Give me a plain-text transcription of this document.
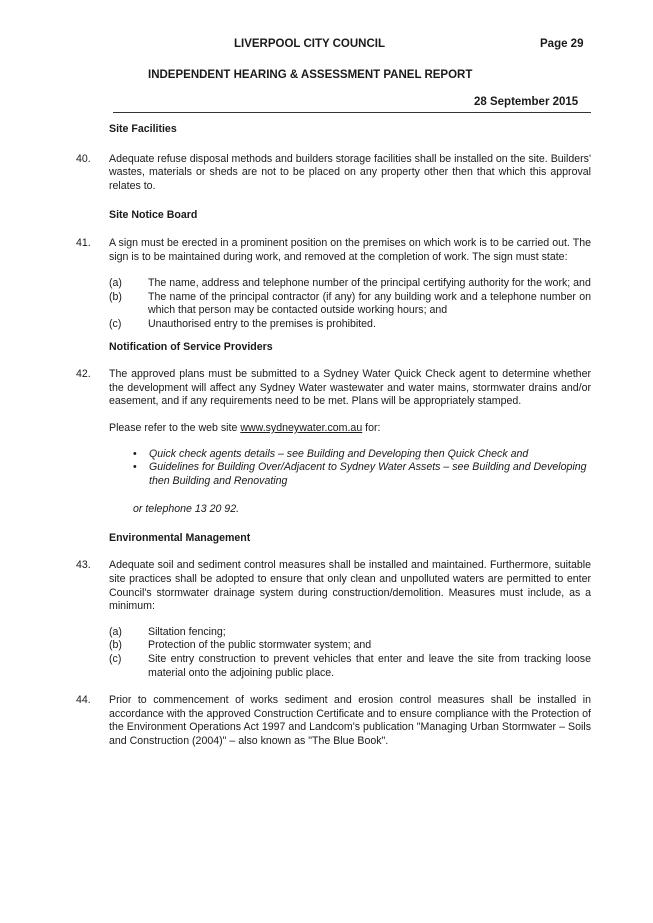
LIVERPOOL CITY COUNCIL	Page 29
INDEPENDENT HEARING & ASSESSMENT PANEL REPORT
28 September 2015
Site Facilities
40.	Adequate refuse disposal methods and builders storage facilities shall be installed on the site. Builders' wastes, materials or sheds are not to be placed on any property other then that which this approval relates to.
Site Notice Board
41.	A sign must be erected in a prominent position on the premises on which work is to be carried out. The sign is to be maintained during work, and removed at the completion of work. The sign must state:
(a)	The name, address and telephone number of the principal certifying authority for the work; and
(b)	The name of the principal contractor (if any) for any building work and a telephone number on which that person may be contacted outside working hours; and
(c)	Unauthorised entry to the premises is prohibited.
Notification of Service Providers
42.	The approved plans must be submitted to a Sydney Water Quick Check agent to determine whether the development will affect any Sydney Water wastewater and water mains, stormwater drains and/or easement, and if any requirements need to be met. Plans will be appropriately stamped.
Please refer to the web site www.sydneywater.com.au for:
•	Quick check agents details – see Building and Developing then Quick Check and
•	Guidelines for Building Over/Adjacent to Sydney Water Assets – see Building and Developing then Building and Renovating
or telephone 13 20 92.
Environmental Management
43.	Adequate soil and sediment control measures shall be installed and maintained. Furthermore, suitable site practices shall be adopted to ensure that only clean and unpolluted waters are permitted to enter Council's stormwater drainage system during construction/demolition. Measures must include, as a minimum:
(a)	Siltation fencing;
(b)	Protection of the public stormwater system; and
(c)	Site entry construction to prevent vehicles that enter and leave the site from tracking loose material onto the adjoining public place.
44.	Prior to commencement of works sediment and erosion control measures shall be installed in accordance with the approved Construction Certificate and to ensure compliance with the Protection of the Environment Operations Act 1997 and Landcom's publication "Managing Urban Stormwater – Soils and Construction (2004)" – also known as "The Blue Book".
